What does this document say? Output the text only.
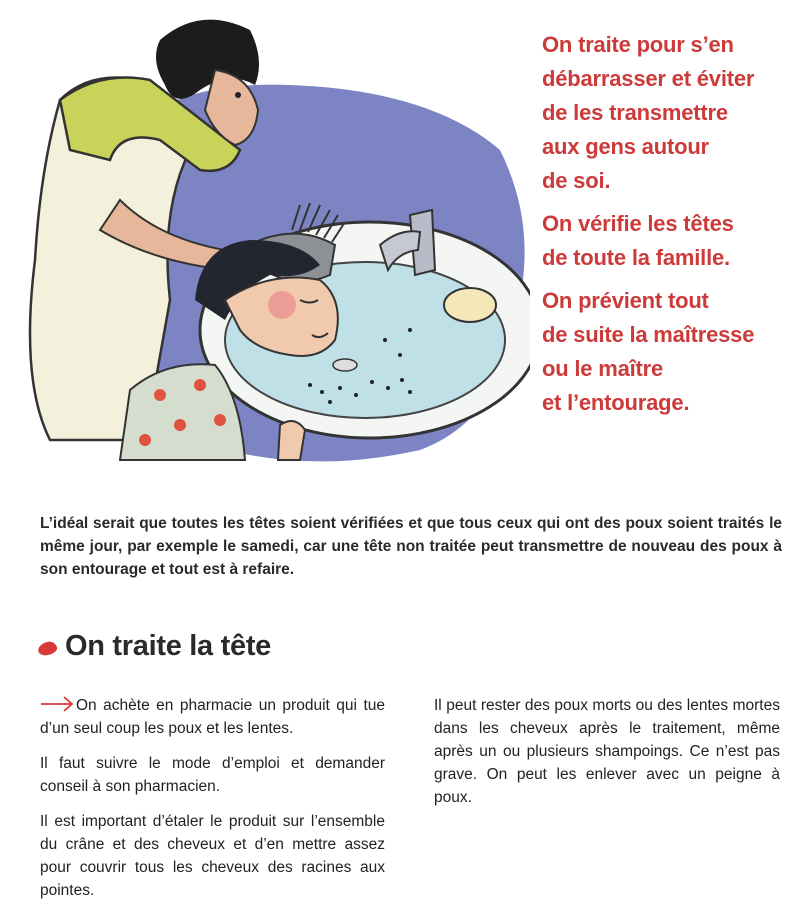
On traite pour s’en
débarrasser et éviter
de les transmettre
aux gens autour
de soi.

On vérifie les têtes
de toute la famille.

On prévient tout
de suite la maîtresse
ou le maître
et l’entourage.

L’idéal serait que toutes les têtes soient vérifiées et que tous ceux qui ont des poux soient traités le même jour, par exemple le samedi, car une tête non traitée peut transmettre de nouveau des poux à son entourage et tout est à refaire.
On traite la tête

On achète en pharmacie un produit qui tue d’un seul coup les poux et les lentes.

Il faut suivre le mode d’emploi et demander conseil à son pharmacien.

Il est important d’étaler le produit sur l’ensemble du crâne et des cheveux et d’en mettre assez pour couvrir tous les cheveux des racines aux pointes.

Il peut rester des poux morts ou des lentes mortes dans les cheveux après le traitement, même après un ou plusieurs shampoings. Ce n’est pas grave. On peut les enlever avec un peigne à poux.
